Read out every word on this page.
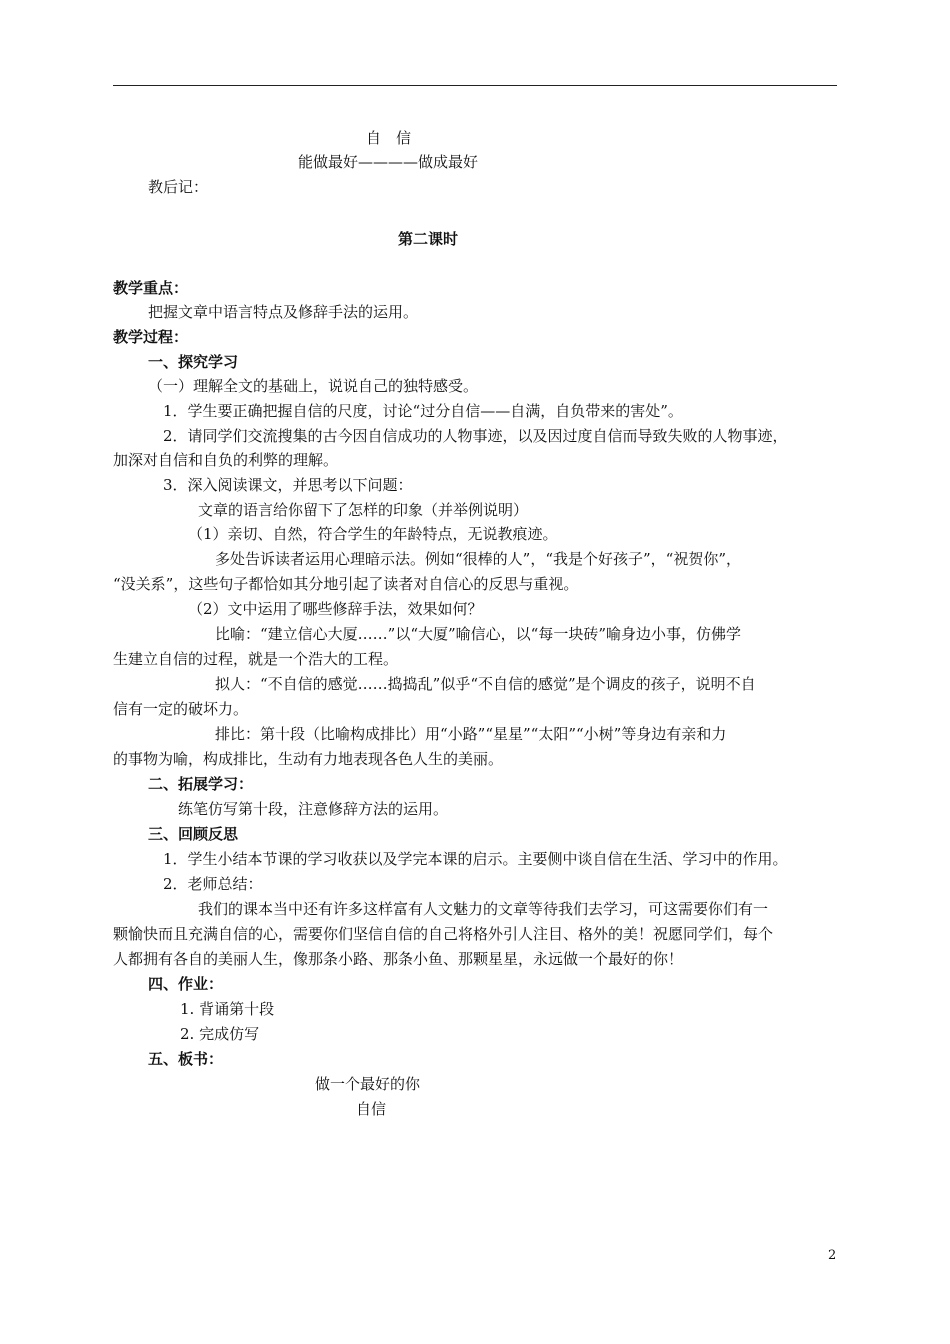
自　信
能做最好————做成最好
教后记：
第二课时
教学重点：
把握文章中语言特点及修辞手法的运用。
教学过程：
一、探究学习
（一）理解全文的基础上，说说自己的独特感受。
1．学生要正确把握自信的尺度，讨论“过分自信——自满，自负带来的害处”。
2．请同学们交流搜集的古今因自信成功的人物事迹，以及因过度自信而导致失败的人物事迹，
加深对自信和自负的利弊的理解。
3．深入阅读课文，并思考以下问题：
文章的语言给你留下了怎样的印象（并举例说明）
（1）亲切、自然，符合学生的年龄特点，无说教痕迹。
多处告诉读者运用心理暗示法。例如“很棒的人”，“我是个好孩子”，“祝贺你”，
“没关系”，这些句子都恰如其分地引起了读者对自信心的反思与重视。
（2）文中运用了哪些修辞手法，效果如何？
比喻：“建立信心大厦……”以“大厦”喻信心，以“每一块砖”喻身边小事，仿佛学
生建立自信的过程，就是一个浩大的工程。
拟人：“不自信的感觉……捣捣乱”似乎“不自信的感觉”是个调皮的孩子，说明不自
信有一定的破坏力。
排比：第十段（比喻构成排比）用“小路”“星星”“太阳”“小树”等身边有亲和力
的事物为喻，构成排比，生动有力地表现各色人生的美丽。
二、拓展学习：
练笔仿写第十段，注意修辞方法的运用。
三、回顾反思
1．学生小结本节课的学习收获以及学完本课的启示。主要侧中谈自信在生活、学习中的作用。
2．老师总结：
我们的课本当中还有许多这样富有人文魅力的文章等待我们去学习，可这需要你们有一
颗愉快而且充满自信的心，需要你们坚信自信的自己将格外引人注目、格外的美！祝愿同学们，每个
人都拥有各自的美丽人生，像那条小路、那条小鱼、那颗星星，永远做一个最好的你！
四、作业：
1. 背诵第十段
2. 完成仿写
五、板书：
做一个最好的你
自信
2
